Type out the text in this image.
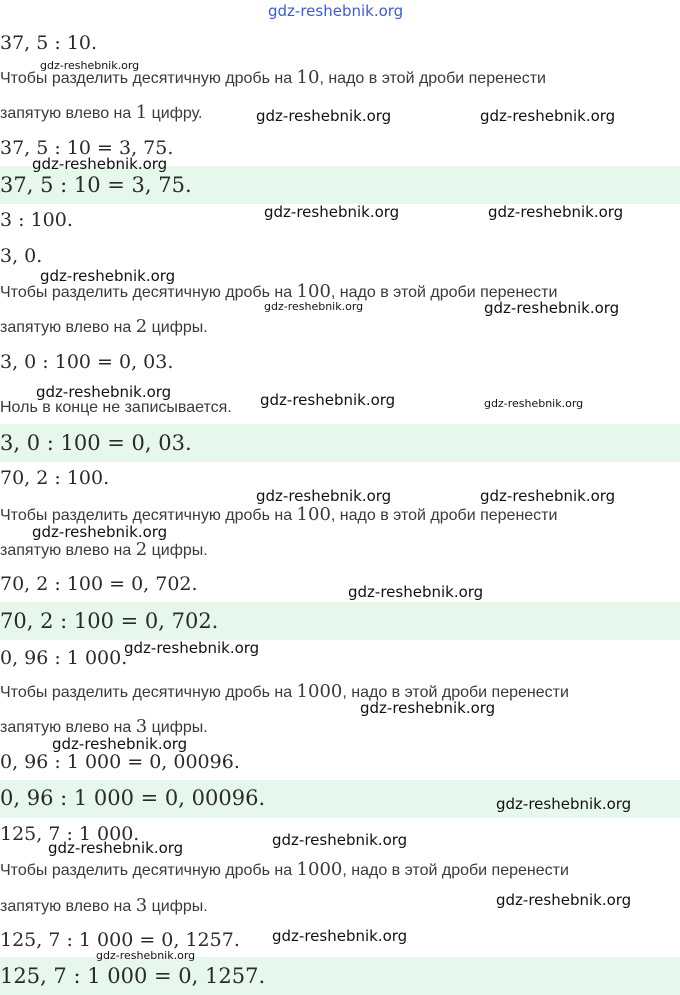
gdz-reshebnik.org
37, 5 : 10.
Чтобы разделить десятичную дробь на 10, надо в этой дроби перенести
запятую влево на 1 цифру.
37, 5 : 10 = 3, 75.
37, 5 : 10 = 3, 75.
3 : 100.
3, 0.
Чтобы разделить десятичную дробь на 100, надо в этой дроби перенести
запятую влево на 2 цифры.
3, 0 : 100 = 0, 03.
Ноль в конце не записывается.
3, 0 : 100 = 0, 03.
70, 2 : 100.
Чтобы разделить десятичную дробь на 100, надо в этой дроби перенести
запятую влево на 2 цифры.
70, 2 : 100 = 0, 702.
70, 2 : 100 = 0, 702.
0, 96 : 1 000.
Чтобы разделить десятичную дробь на 1000, надо в этой дроби перенести
запятую влево на 3 цифры.
0, 96 : 1 000 = 0, 00096.
0, 96 : 1 000 = 0, 00096.
125, 7 : 1 000.
Чтобы разделить десятичную дробь на 1000, надо в этой дроби перенести
запятую влево на 3 цифры.
125, 7 : 1 000 = 0, 1257.
125, 7 : 1 000 = 0, 1257.
gdz-reshebnik.org
gdz-reshebnik.org	gdz-reshebnik.org
gdz-reshebnik.org
gdz-reshebnik.org	gdz-reshebnik.org
gdz-reshebnik.org
gdz-reshebnik.org	gdz-reshebnik.org
gdz-reshebnik.org	gdz-reshebnik.org	gdz-reshebnik.org
gdz-reshebnik.org	gdz-reshebnik.org
gdz-reshebnik.org
gdz-reshebnik.org
gdz-reshebnik.org
gdz-reshebnik.org
gdz-reshebnik.org
gdz-reshebnik.org
gdz-reshebnik.org
gdz-reshebnik.org
gdz-reshebnik.org
gdz-reshebnik.org
gdz-reshebnik.org
